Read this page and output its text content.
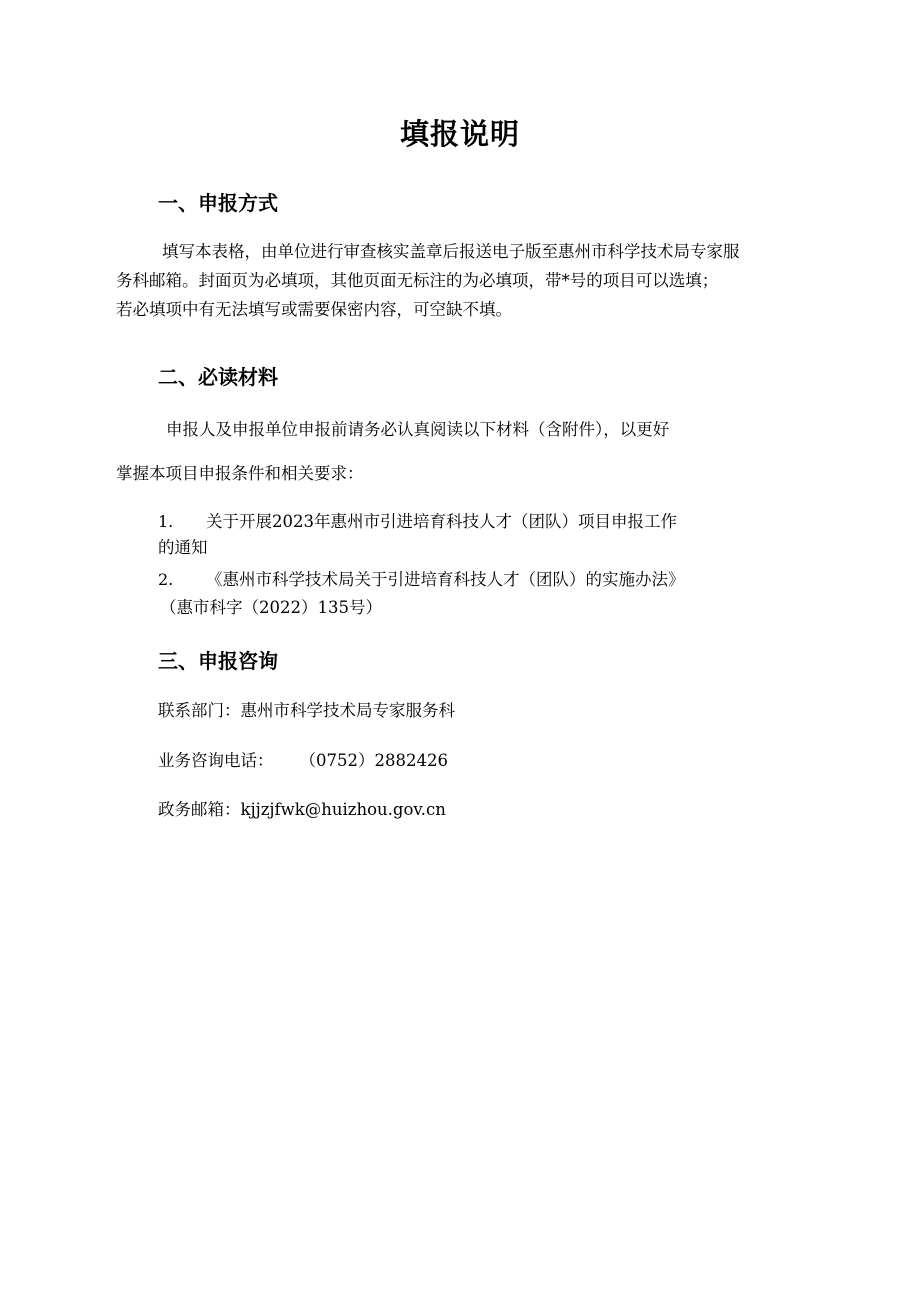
填报说明
一、申报方式
填写本表格，由单位进行审查核实盖章后报送电子版至惠州市科学技术局专家服
务科邮箱。封面页为必填项，其他页面无标注的为必填项，带*号的项目可以选填；
若必填项中有无法填写或需要保密内容，可空缺不填。
二、必读材料
申报人及申报单位申报前请务必认真阅读以下材料（含附件），以更好
掌握本项目申报条件和相关要求：
1. 关于开展2023年惠州市引进培育科技人才（团队）项目申报工作
的通知
2. 《惠州市科学技术局关于引进培育科技人才（团队）的实施办法》
（惠市科字（2022）135号）
三、申报咨询
联系部门：惠州市科学技术局专家服务科
业务咨询电话： （0752）2882426
政务邮箱：kjjzjfwk@huizhou.gov.cn
